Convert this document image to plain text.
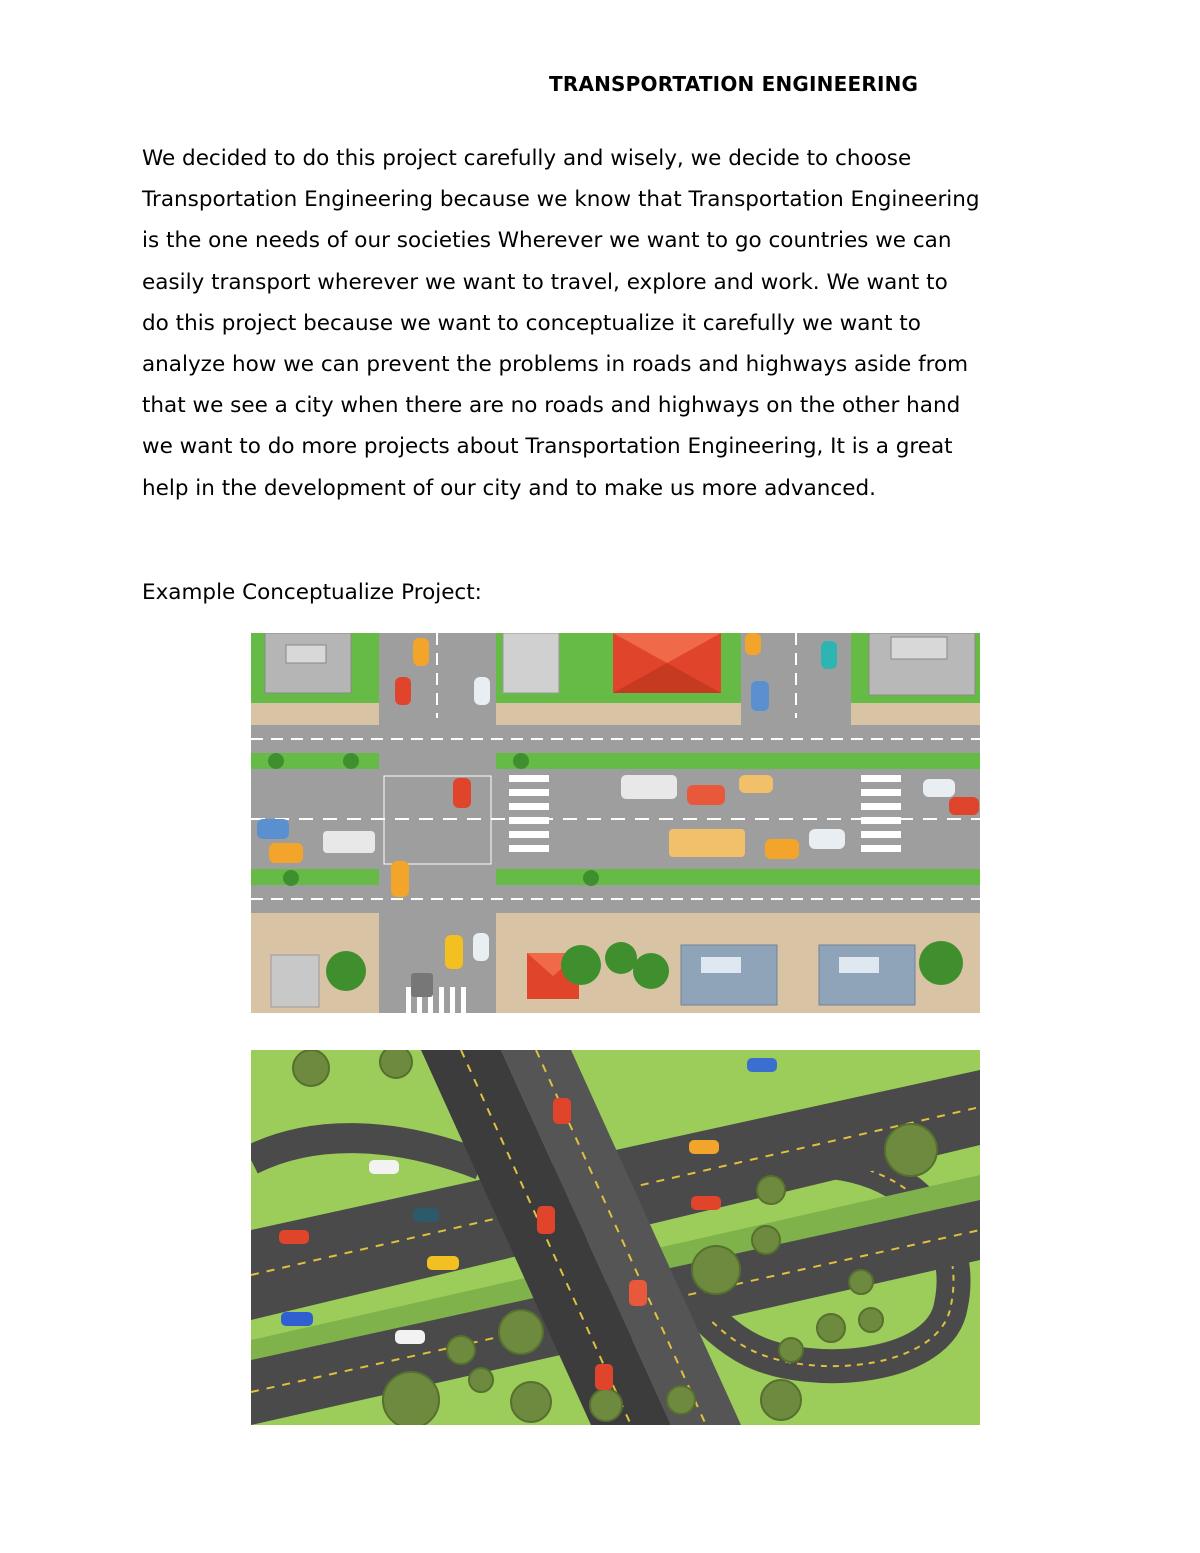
TRANSPORTATION ENGINEERING
We decided to do this project carefully and wisely, we decide to choose
Transportation Engineering because we know that Transportation Engineering
is the one needs of our societies Wherever we want to go countries we can
easily transport wherever we want to travel, explore and work. We want to
do this project because we want to conceptualize it carefully we want to
analyze how we can prevent the problems in roads and highways aside from
that we see a city when there are no roads and highways on the other hand
we want to do more projects about Transportation Engineering, It is a great
help in the development of our city and to make us more advanced.
Example Conceptualize Project:
